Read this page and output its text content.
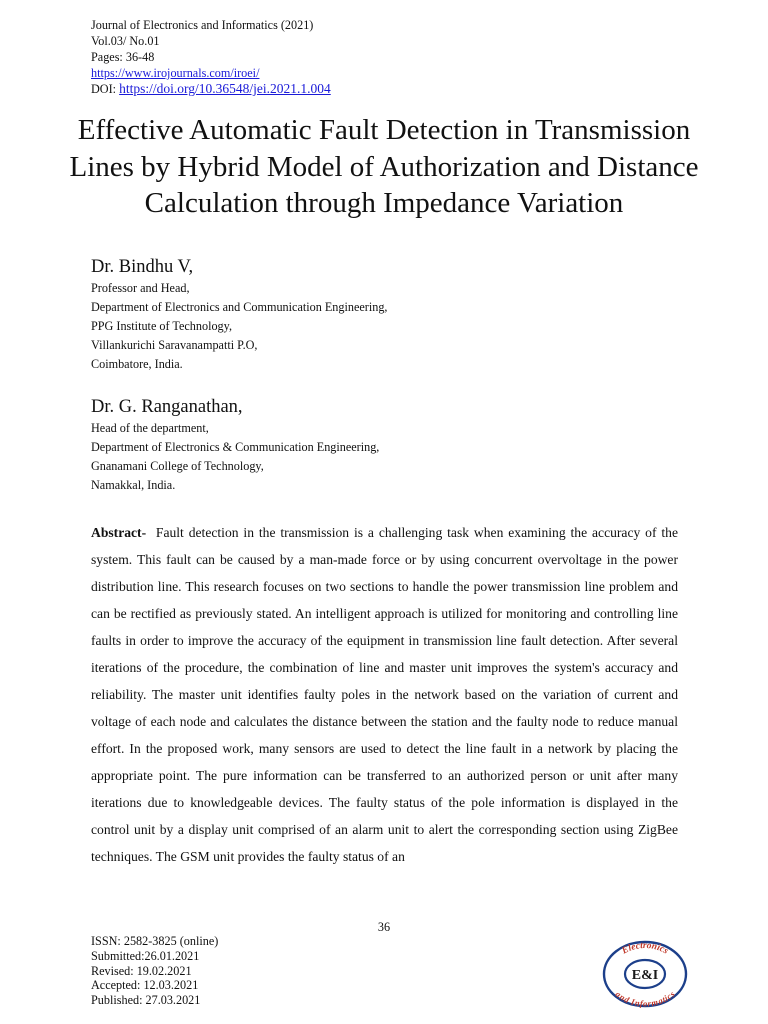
Journal of Electronics and Informatics (2021)
Vol.03/ No.01
Pages: 36-48
https://www.irojournals.com/iroei/
DOI: https://doi.org/10.36548/jei.2021.1.004
Effective Automatic Fault Detection in Transmission Lines by Hybrid Model of Authorization and Distance Calculation through Impedance Variation
Dr. Bindhu V,
Professor and Head,
Department of Electronics and Communication Engineering,
PPG Institute of Technology,
Villankurichi Saravanampatti P.O,
Coimbatore, India.
Dr. G. Ranganathan,
Head of the department,
Department of Electronics & Communication Engineering,
Gnanamani College of Technology,
Namakkal, India.
Abstract- Fault detection in the transmission is a challenging task when examining the accuracy of the system. This fault can be caused by a man-made force or by using concurrent overvoltage in the power distribution line. This research focuses on two sections to handle the power transmission line problem and can be rectified as previously stated. An intelligent approach is utilized for monitoring and controlling line faults in order to improve the accuracy of the equipment in transmission line fault detection. After several iterations of the procedure, the combination of line and master unit improves the system's accuracy and reliability. The master unit identifies faulty poles in the network based on the variation of current and voltage of each node and calculates the distance between the station and the faulty node to reduce manual effort. In the proposed work, many sensors are used to detect the line fault in a network by placing the appropriate point. The pure information can be transferred to an authorized person or unit after many iterations due to knowledgeable devices. The faulty status of the pole information is displayed in the control unit by a display unit comprised of an alarm unit to alert the corresponding section using ZigBee techniques. The GSM unit provides the faulty status of an
36
ISSN: 2582-3825 (online)
Submitted:26.01.2021
Revised: 19.02.2021
Accepted: 12.03.2021
Published: 27.03.2021
Electronics
and Informatics
E&I
